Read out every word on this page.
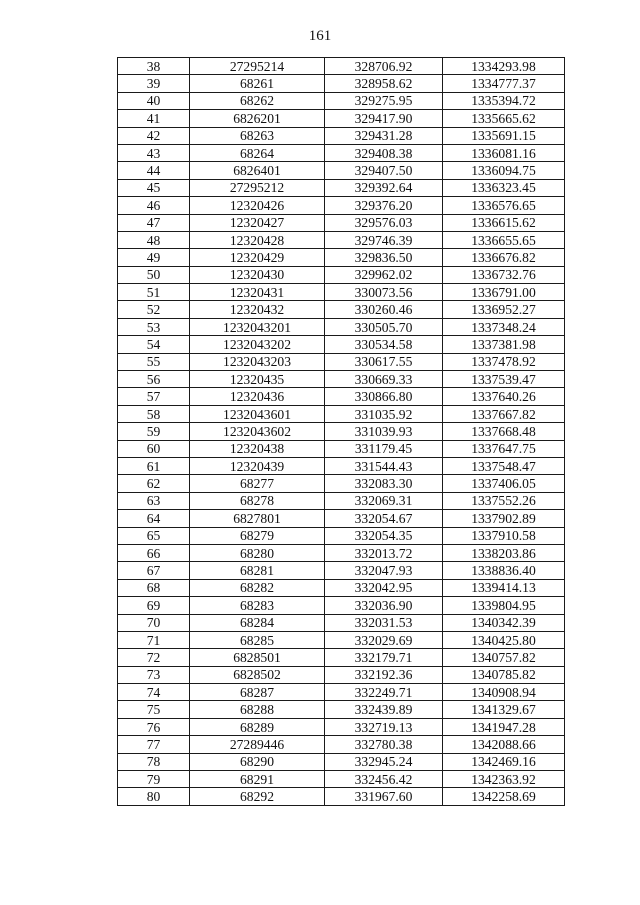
161
38	27295214	328706.92	1334293.98
39	68261	328958.62	1334777.37
40	68262	329275.95	1335394.72
41	6826201	329417.90	1335665.62
42	68263	329431.28	1335691.15
43	68264	329408.38	1336081.16
44	6826401	329407.50	1336094.75
45	27295212	329392.64	1336323.45
46	12320426	329376.20	1336576.65
47	12320427	329576.03	1336615.62
48	12320428	329746.39	1336655.65
49	12320429	329836.50	1336676.82
50	12320430	329962.02	1336732.76
51	12320431	330073.56	1336791.00
52	12320432	330260.46	1336952.27
53	1232043201	330505.70	1337348.24
54	1232043202	330534.58	1337381.98
55	1232043203	330617.55	1337478.92
56	12320435	330669.33	1337539.47
57	12320436	330866.80	1337640.26
58	1232043601	331035.92	1337667.82
59	1232043602	331039.93	1337668.48
60	12320438	331179.45	1337647.75
61	12320439	331544.43	1337548.47
62	68277	332083.30	1337406.05
63	68278	332069.31	1337552.26
64	6827801	332054.67	1337902.89
65	68279	332054.35	1337910.58
66	68280	332013.72	1338203.86
67	68281	332047.93	1338836.40
68	68282	332042.95	1339414.13
69	68283	332036.90	1339804.95
70	68284	332031.53	1340342.39
71	68285	332029.69	1340425.80
72	6828501	332179.71	1340757.82
73	6828502	332192.36	1340785.82
74	68287	332249.71	1340908.94
75	68288	332439.89	1341329.67
76	68289	332719.13	1341947.28
77	27289446	332780.38	1342088.66
78	68290	332945.24	1342469.16
79	68291	332456.42	1342363.92
80	68292	331967.60	1342258.69
